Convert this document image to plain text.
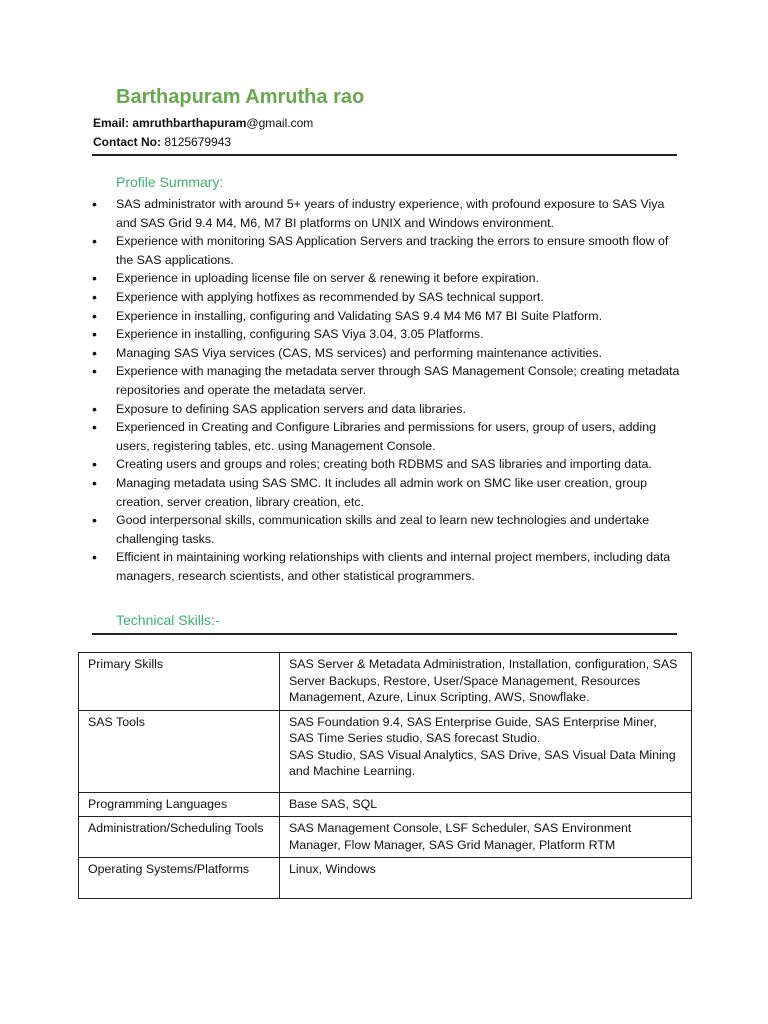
Barthapuram Amrutha rao
Email: amruthbarthapuram@gmail.com
Contact No: 8125679943
Profile Summary:
• SAS administrator with around 5+ years of industry experience, with profound exposure to SAS Viya and SAS Grid 9.4 M4, M6, M7 BI platforms on UNIX and Windows environment.
• Experience with monitoring SAS Application Servers and tracking the errors to ensure smooth flow of the SAS applications.
• Experience in uploading license file on server & renewing it before expiration.
• Experience with applying hotfixes as recommended by SAS technical support.
• Experience in installing, configuring and Validating SAS 9.4 M4 M6 M7 BI Suite Platform.
• Experience in installing, configuring SAS Viya 3.04, 3.05 Platforms.
• Managing SAS Viya services (CAS, MS services) and performing maintenance activities.
• Experience with managing the metadata server through SAS Management Console; creating metadata repositories and operate the metadata server.
• Exposure to defining SAS application servers and data libraries.
• Experienced in Creating and Configure Libraries and permissions for users, group of users, adding users, registering tables, etc. using Management Console.
• Creating users and groups and roles; creating both RDBMS and SAS libraries and importing data.
• Managing metadata using SAS SMC. It includes all admin work on SMC like user creation, group creation, server creation, library creation, etc.
• Good interpersonal skills, communication skills and zeal to learn new technologies and undertake challenging tasks.
• Efficient in maintaining working relationships with clients and internal project members, including data managers, research scientists, and other statistical programmers.
Technical Skills:-
Primary Skills	SAS Server & Metadata Administration, Installation, configuration, SAS Server Backups, Restore, User/Space Management, Resources Management, Azure, Linux Scripting, AWS, Snowflake.
SAS Tools	SAS Foundation 9.4, SAS Enterprise Guide, SAS Enterprise Miner, SAS Time Series studio, SAS forecast Studio.
SAS Studio, SAS Visual Analytics, SAS Drive, SAS Visual Data Mining and Machine Learning.

Programming Languages	Base SAS, SQL
Administration/Scheduling Tools	SAS Management Console, LSF Scheduler, SAS Environment Manager, Flow Manager, SAS Grid Manager, Platform RTM
Operating Systems/Platforms	Linux, Windows
